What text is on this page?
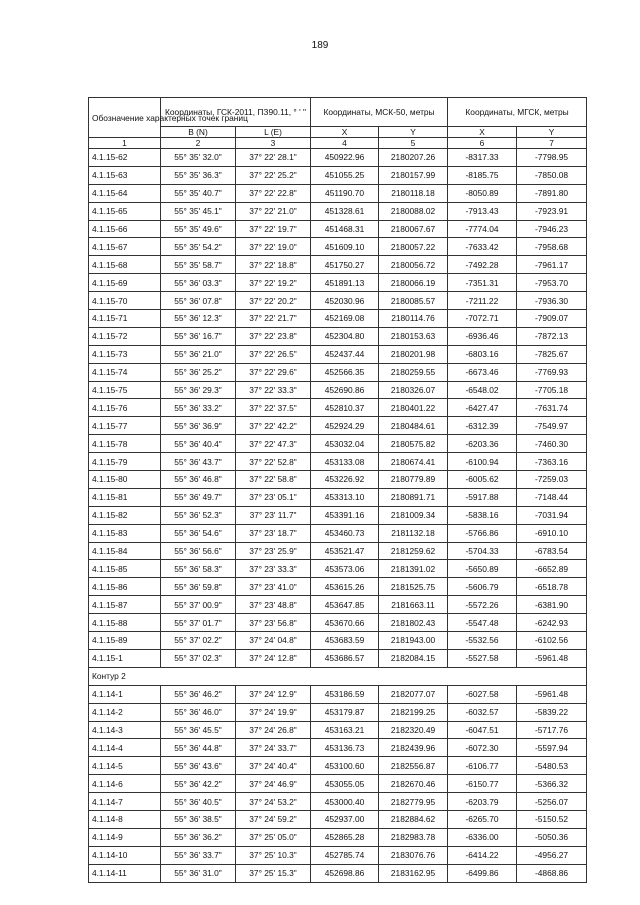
189
Обозначение характерных точек границ	Координаты, ГСК-2011, ПЗ90.11, ° ' "		Координаты, МСК-50, метры		Координаты, МГСК, метры	
	B (N)	L (E)	X	Y	X	Y
1	2	3	4	5	6	7
4.1.15-62	55° 35' 32.0"	37° 22' 28.1"	450922.96	2180207.26	-8317.33	-7798.95
4.1.15-63	55° 35' 36.3"	37° 22' 25.2"	451055.25	2180157.99	-8185.75	-7850.08
4.1.15-64	55° 35' 40.7"	37° 22' 22.8"	451190.70	2180118.18	-8050.89	-7891.80
4.1.15-65	55° 35' 45.1"	37° 22' 21.0"	451328.61	2180088.02	-7913.43	-7923.91
4.1.15-66	55° 35' 49.6"	37° 22' 19.7"	451468.31	2180067.67	-7774.04	-7946.23
4.1.15-67	55° 35' 54.2"	37° 22' 19.0"	451609.10	2180057.22	-7633.42	-7958.68
4.1.15-68	55° 35' 58.7"	37° 22' 18.8"	451750.27	2180056.72	-7492.28	-7961.17
4.1.15-69	55° 36' 03.3"	37° 22' 19.2"	451891.13	2180066.19	-7351.31	-7953.70
4.1.15-70	55° 36' 07.8"	37° 22' 20.2"	452030.96	2180085.57	-7211.22	-7936.30
4.1.15-71	55° 36' 12.3"	37° 22' 21.7"	452169.08	2180114.76	-7072.71	-7909.07
4.1.15-72	55° 36' 16.7"	37° 22' 23.8"	452304.80	2180153.63	-6936.46	-7872.13
4.1.15-73	55° 36' 21.0"	37° 22' 26.5"	452437.44	2180201.98	-6803.16	-7825.67
4.1.15-74	55° 36' 25.2"	37° 22' 29.6"	452566.35	2180259.55	-6673.46	-7769.93
4.1.15-75	55° 36' 29.3"	37° 22' 33.3"	452690.86	2180326.07	-6548.02	-7705.18
4.1.15-76	55° 36' 33.2"	37° 22' 37.5"	452810.37	2180401.22	-6427.47	-7631.74
4.1.15-77	55° 36' 36.9"	37° 22' 42.2"	452924.29	2180484.61	-6312.39	-7549.97
4.1.15-78	55° 36' 40.4"	37° 22' 47.3"	453032.04	2180575.82	-6203.36	-7460.30
4.1.15-79	55° 36' 43.7"	37° 22' 52.8"	453133.08	2180674.41	-6100.94	-7363.16
4.1.15-80	55° 36' 46.8"	37° 22' 58.8"	453226.92	2180779.89	-6005.62	-7259.03
4.1.15-81	55° 36' 49.7"	37° 23' 05.1"	453313.10	2180891.71	-5917.88	-7148.44
4.1.15-82	55° 36' 52.3"	37° 23' 11.7"	453391.16	2181009.34	-5838.16	-7031.94
4.1.15-83	55° 36' 54.6"	37° 23' 18.7"	453460.73	2181132.18	-5766.86	-6910.10
4.1.15-84	55° 36' 56.6"	37° 23' 25.9"	453521.47	2181259.62	-5704.33	-6783.54
4.1.15-85	55° 36' 58.3"	37° 23' 33.3"	453573.06	2181391.02	-5650.89	-6652.89
4.1.15-86	55° 36' 59.8"	37° 23' 41.0"	453615.26	2181525.75	-5606.79	-6518.78
4.1.15-87	55° 37' 00.9"	37° 23' 48.8"	453647.85	2181663.11	-5572.26	-6381.90
4.1.15-88	55° 37' 01.7"	37° 23' 56.8"	453670.66	2181802.43	-5547.48	-6242.93
4.1.15-89	55° 37' 02.2"	37° 24' 04.8"	453683.59	2181943.00	-5532.56	-6102.56
4.1.15-1	55° 37' 02.3"	37° 24' 12.8"	453686.57	2182084.15	-5527.58	-5961.48
Контур 2						
4.1.14-1	55° 36' 46.2"	37° 24' 12.9"	453186.59	2182077.07	-6027.58	-5961.48
4.1.14-2	55° 36' 46.0"	37° 24' 19.9"	453179.87	2182199.25	-6032.57	-5839.22
4.1.14-3	55° 36' 45.5"	37° 24' 26.8"	453163.21	2182320.49	-6047.51	-5717.76
4.1.14-4	55° 36' 44.8"	37° 24' 33.7"	453136.73	2182439.96	-6072.30	-5597.94
4.1.14-5	55° 36' 43.6"	37° 24' 40.4"	453100.60	2182556.87	-6106.77	-5480.53
4.1.14-6	55° 36' 42.2"	37° 24' 46.9"	453055.05	2182670.46	-6150.77	-5366.32
4.1.14-7	55° 36' 40.5"	37° 24' 53.2"	453000.40	2182779.95	-6203.79	-5256.07
4.1.14-8	55° 36' 38.5"	37° 24' 59.2"	452937.00	2182884.62	-6265.70	-5150.52
4.1.14-9	55° 36' 36.2"	37° 25' 05.0"	452865.28	2182983.78	-6336.00	-5050.36
4.1.14-10	55° 36' 33.7"	37° 25' 10.3"	452785.74	2183076.76	-6414.22	-4956.27
4.1.14-11	55° 36' 31.0"	37° 25' 15.3"	452698.86	2183162.95	-6499.86	-4868.86
